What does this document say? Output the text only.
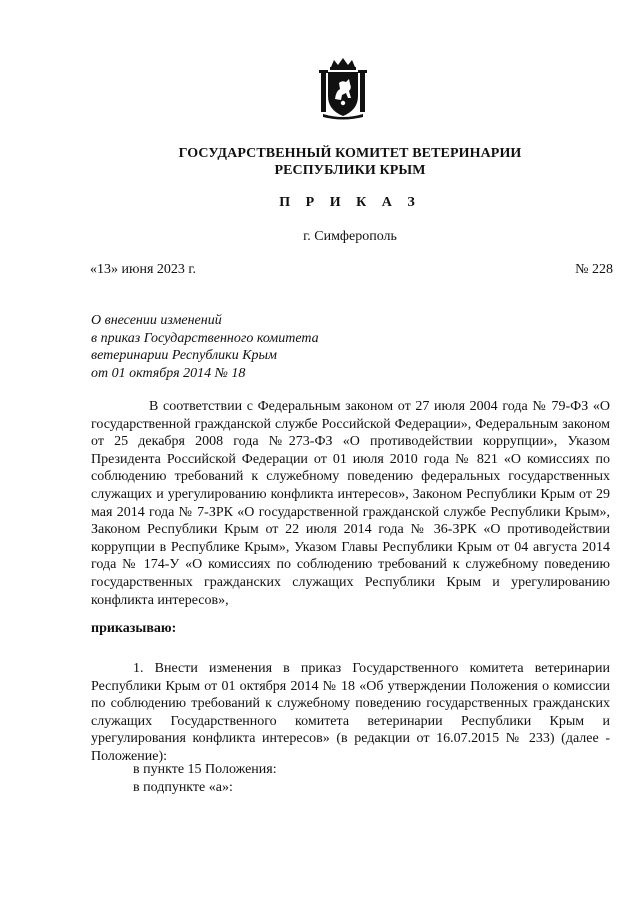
ГОСУДАРСТВЕННЫЙ КОМИТЕТ ВЕТЕРИНАРИИ
РЕСПУБЛИКИ КРЫМ
П Р И К А З
г. Симферополь
«13» июня 2023 г.	№ 228
О внесении изменений
в приказ Государственного комитета
ветеринарии Республики Крым
от 01 октября 2014 № 18
В соответствии с Федеральным законом от 27 июля 2004 года № 79-ФЗ «О государственной гражданской службе Российской Федерации», Федеральным законом от 25 декабря 2008 года №273-ФЗ «О противодействии коррупции», Указом Президента Российской Федерации от 01 июля 2010 года № 821 «О комиссиях по соблюдению требований к служебному поведению федеральных государственных служащих и урегулированию конфликта интересов», Законом Республики Крым от 29 мая 2014 года № 7-ЗРК «О государственной гражданской службе Республики Крым», Законом Республики Крым от 22 июля 2014 года № 36-ЗРК «О противодействии коррупции в Республике Крым», Указом Главы Республики Крым от 04 августа 2014 года № 174-У «О комиссиях по соблюдению требований к служебному поведению государственных гражданских служащих Республики Крым и урегулированию конфликта интересов»,
приказываю:
1. Внести изменения в приказ Государственного комитета ветеринарии Республики Крым от 01 октября 2014 № 18 «Об утверждении Положения о комиссии по соблюдению требований к служебному поведению государственных гражданских служащих Государственного комитета ветеринарии Республики Крым и урегулирования конфликта интересов» (в редакции от 16.07.2015 № 233) (далее - Положение):
в пункте 15 Положения:
в подпункте «а»:
